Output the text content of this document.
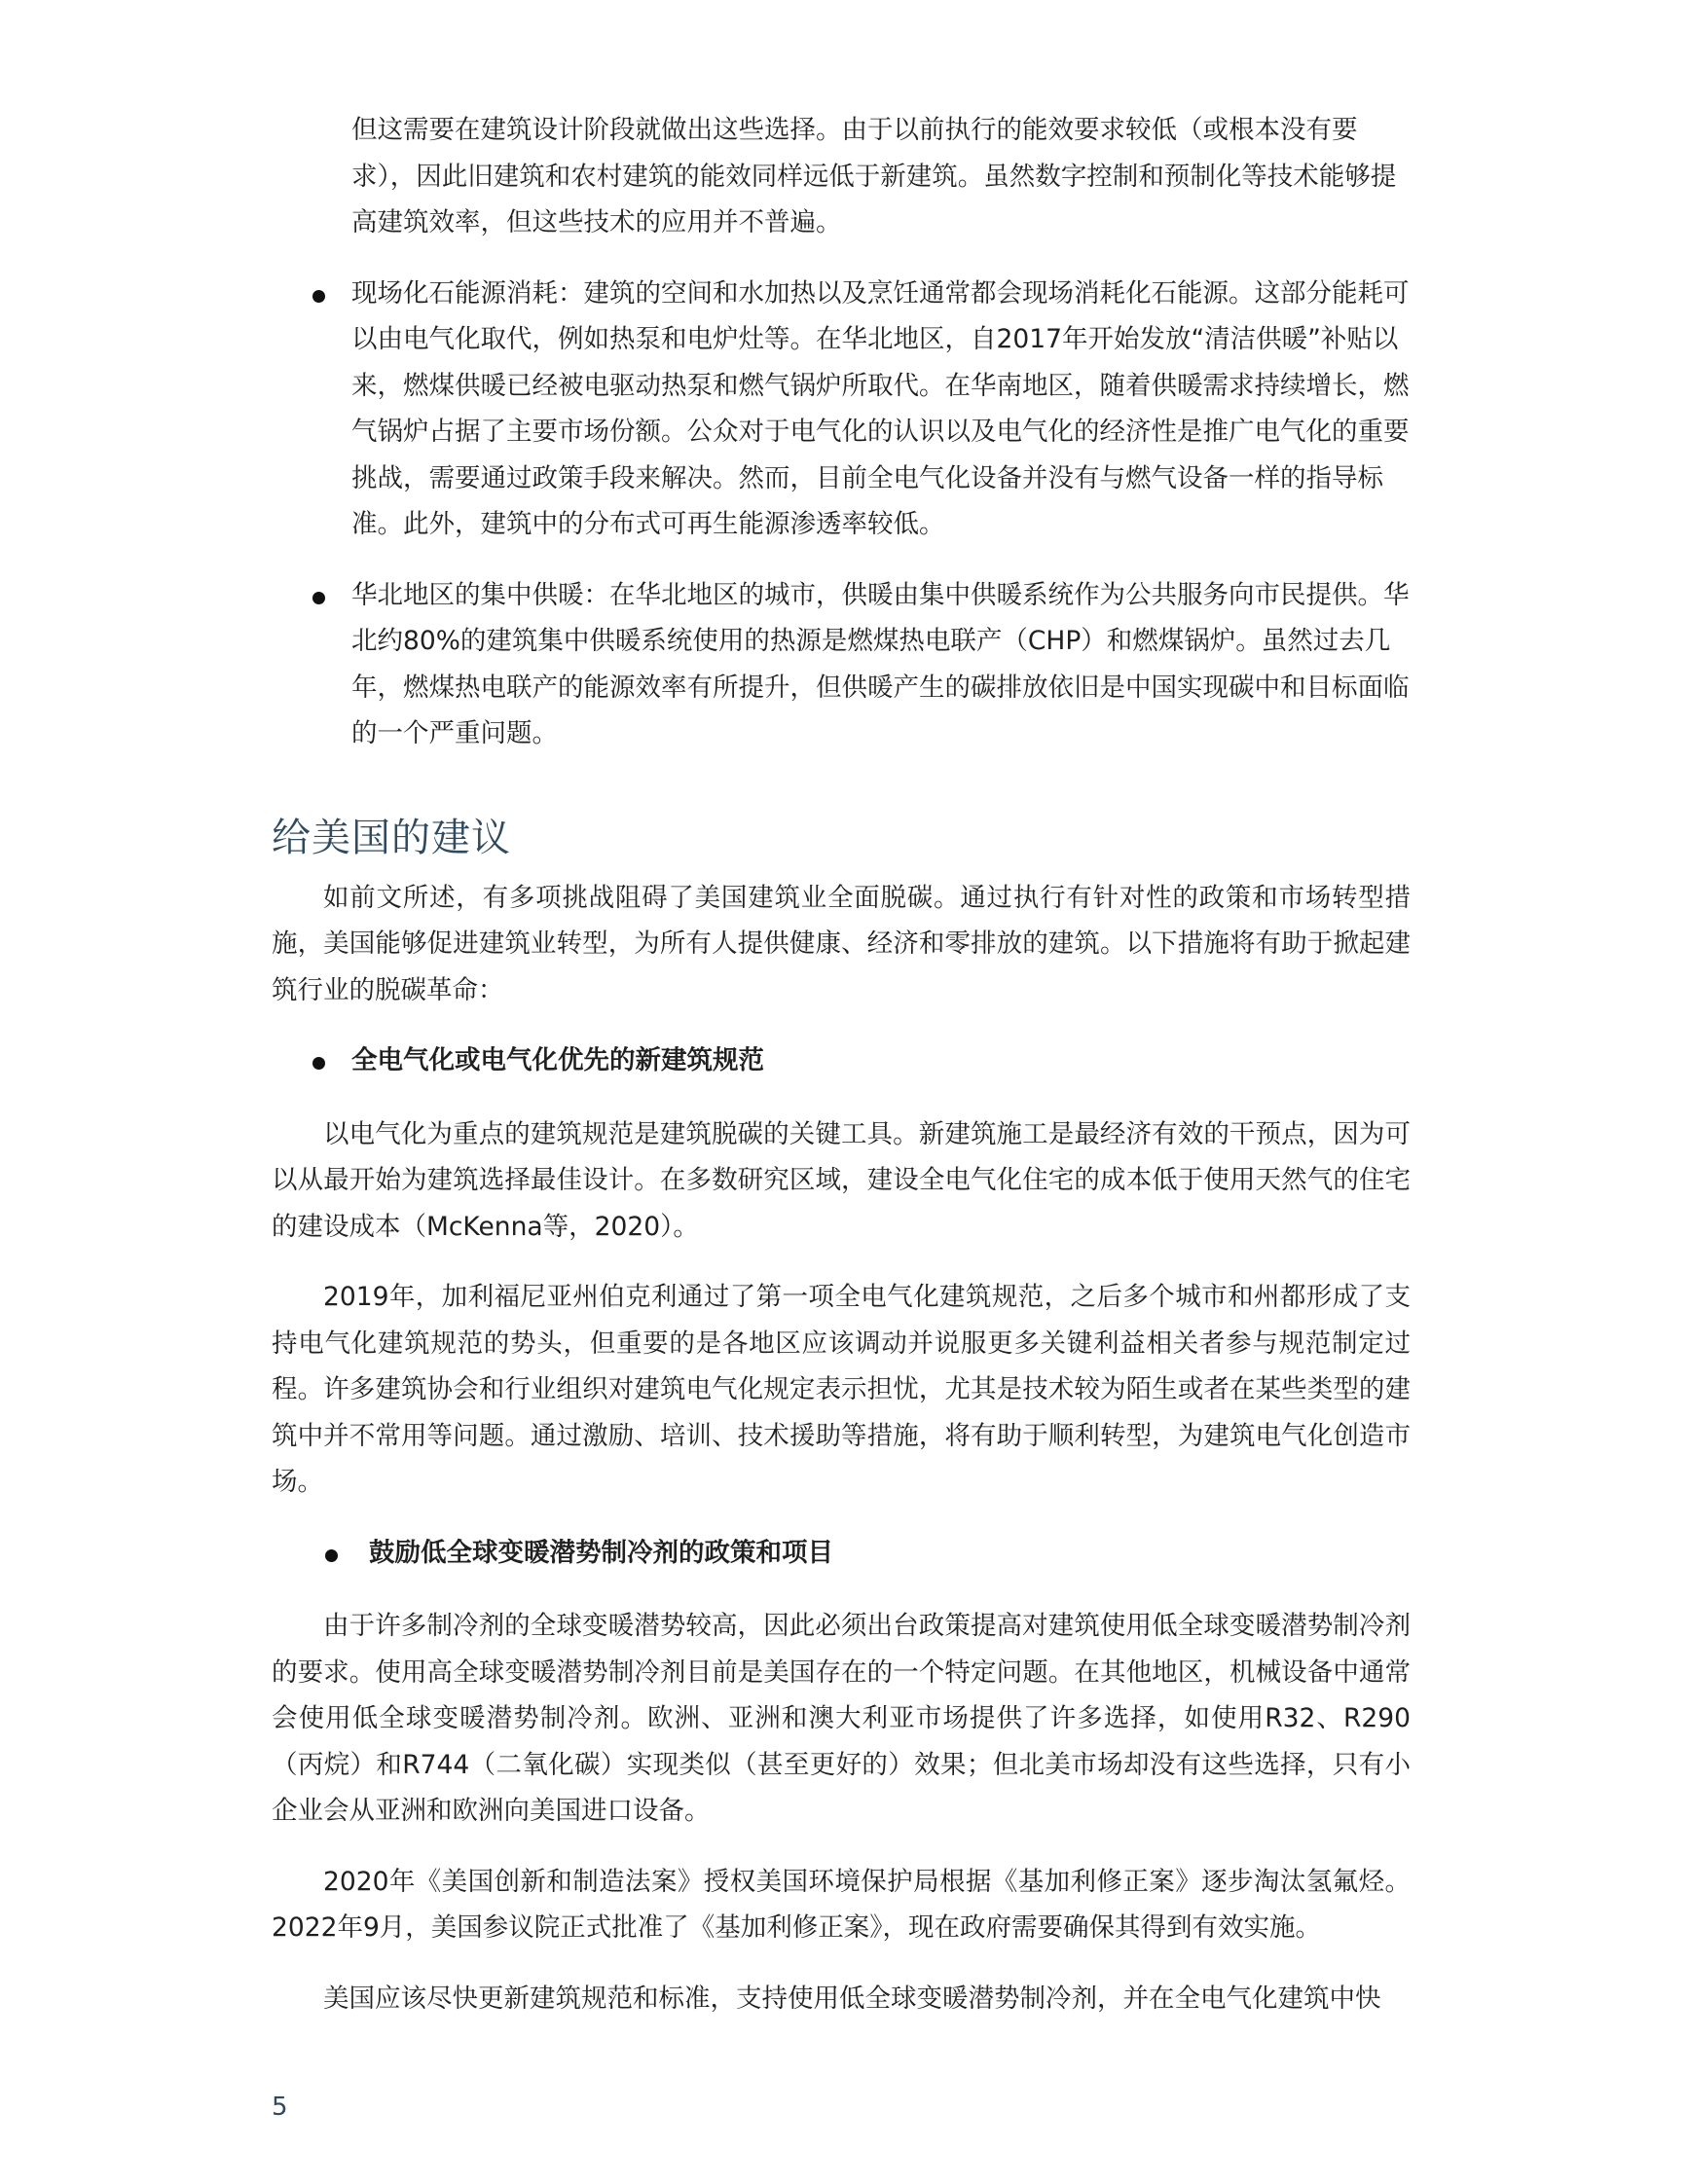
但这需要在建筑设计阶段就做出这些选择。由于以前执行的能效要求较低（或根本没有要求），因此旧建筑和农村建筑的能效同样远低于新建筑。虽然数字控制和预制化等技术能够提高建筑效率，但这些技术的应用并不普遍。

现场化石能源消耗：建筑的空间和水加热以及烹饪通常都会现场消耗化石能源。这部分能耗可以由电气化取代，例如热泵和电炉灶等。在华北地区，自2017年开始发放“清洁供暖”补贴以来，燃煤供暖已经被电驱动热泵和燃气锅炉所取代。在华南地区，随着供暖需求持续增长，燃气锅炉占据了主要市场份额。公众对于电气化的认识以及电气化的经济性是推广电气化的重要挑战，需要通过政策手段来解决。然而，目前全电气化设备并没有与燃气设备一样的指导标准。此外，建筑中的分布式可再生能源渗透率较低。
华北地区的集中供暖：在华北地区的城市，供暖由集中供暖系统作为公共服务向市民提供。华北约80%的建筑集中供暖系统使用的热源是燃煤热电联产（CHP）和燃煤锅炉。虽然过去几年，燃煤热电联产的能源效率有所提升，但供暖产生的碳排放依旧是中国实现碳中和目标面临的一个严重问题。
给美国的建议

如前文所述，有多项挑战阻碍了美国建筑业全面脱碳。通过执行有针对性的政策和市场转型措施，美国能够促进建筑业转型，为所有人提供健康、经济和零排放的建筑。以下措施将有助于掀起建筑行业的脱碳革命：

全电气化或电气化优先的新建筑规范

以电气化为重点的建筑规范是建筑脱碳的关键工具。新建筑施工是最经济有效的干预点，因为可以从最开始为建筑选择最佳设计。在多数研究区域，建设全电气化住宅的成本低于使用天然气的住宅的建设成本（McKenna等，2020）。

2019年，加利福尼亚州伯克利通过了第一项全电气化建筑规范，之后多个城市和州都形成了支持电气化建筑规范的势头，但重要的是各地区应该调动并说服更多关键利益相关者参与规范制定过程。许多建筑协会和行业组织对建筑电气化规定表示担忧，尤其是技术较为陌生或者在某些类型的建筑中并不常用等问题。通过激励、培训、技术援助等措施，将有助于顺利转型，为建筑电气化创造市场。

鼓励低全球变暖潜势制冷剂的政策和项目

由于许多制冷剂的全球变暖潜势较高，因此必须出台政策提高对建筑使用低全球变暖潜势制冷剂的要求。使用高全球变暖潜势制冷剂目前是美国存在的一个特定问题。在其他地区，机械设备中通常会使用低全球变暖潜势制冷剂。欧洲、亚洲和澳大利亚市场提供了许多选择，如使用R32、R290（丙烷）和R744（二氧化碳）实现类似（甚至更好的）效果；但北美市场却没有这些选择，只有小企业会从亚洲和欧洲向美国进口设备。

2020年《美国创新和制造法案》授权美国环境保护局根据《基加利修正案》逐步淘汰氢氟烃。2022年9月，美国参议院正式批准了《基加利修正案》，现在政府需要确保其得到有效实施。

美国应该尽快更新建筑规范和标准，支持使用低全球变暖潜势制冷剂，并在全电气化建筑中快

5
